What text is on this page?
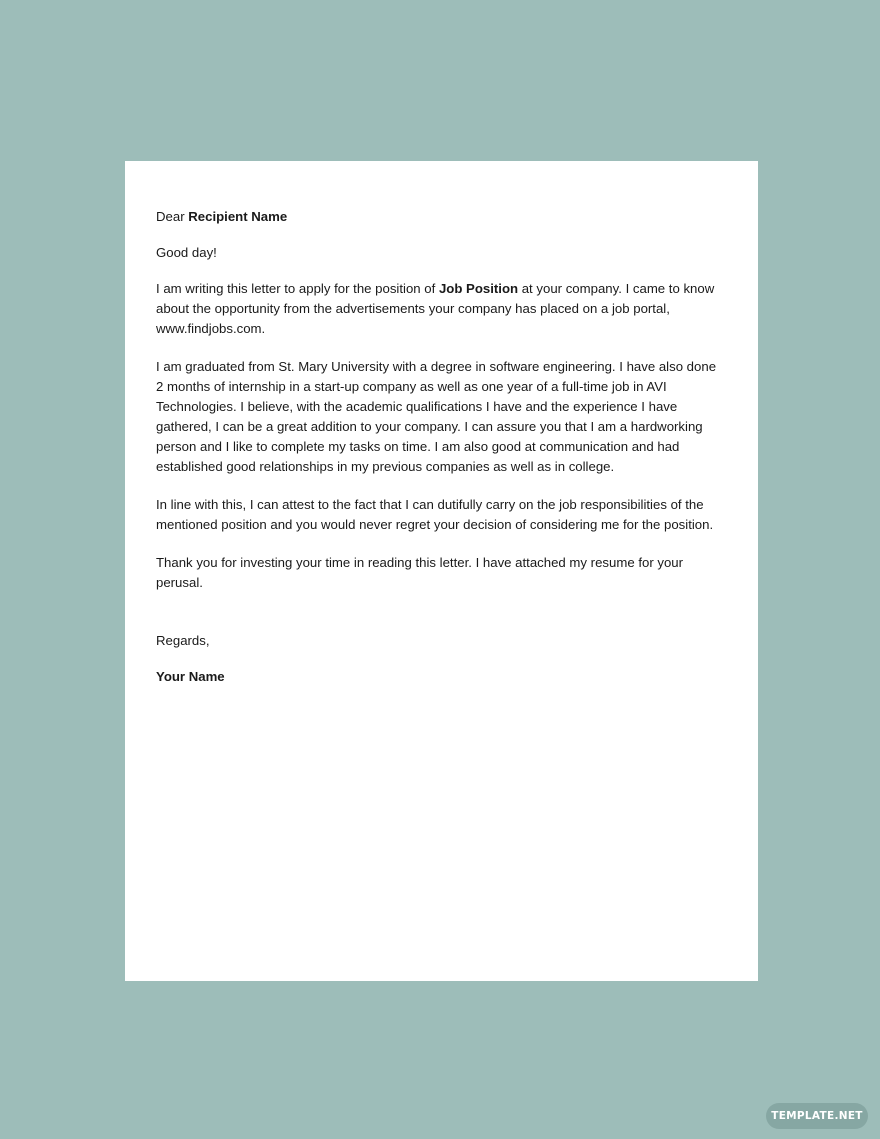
Dear Recipient Name

Good day!

I am writing this letter to apply for the position of Job Position at your company. I came to know about the opportunity from the advertisements your company has placed on a job portal, www.findjobs.com.

I am graduated from St. Mary University with a degree in software engineering. I have also done 2 months of internship in a start-up company as well as one year of a full-time job in AVI Technologies. I believe, with the academic qualifications I have and the experience I have gathered, I can be a great addition to your company. I can assure you that I am a hardworking person and I like to complete my tasks on time. I am also good at communication and had established good relationships in my previous companies as well as in college.

In line with this, I can attest to the fact that I can dutifully carry on the job responsibilities of the mentioned position and you would never regret your decision of considering me for the position.

Thank you for investing your time in reading this letter. I have attached my resume for your perusal.

Regards,

Your Name

TEMPLATE.NET
